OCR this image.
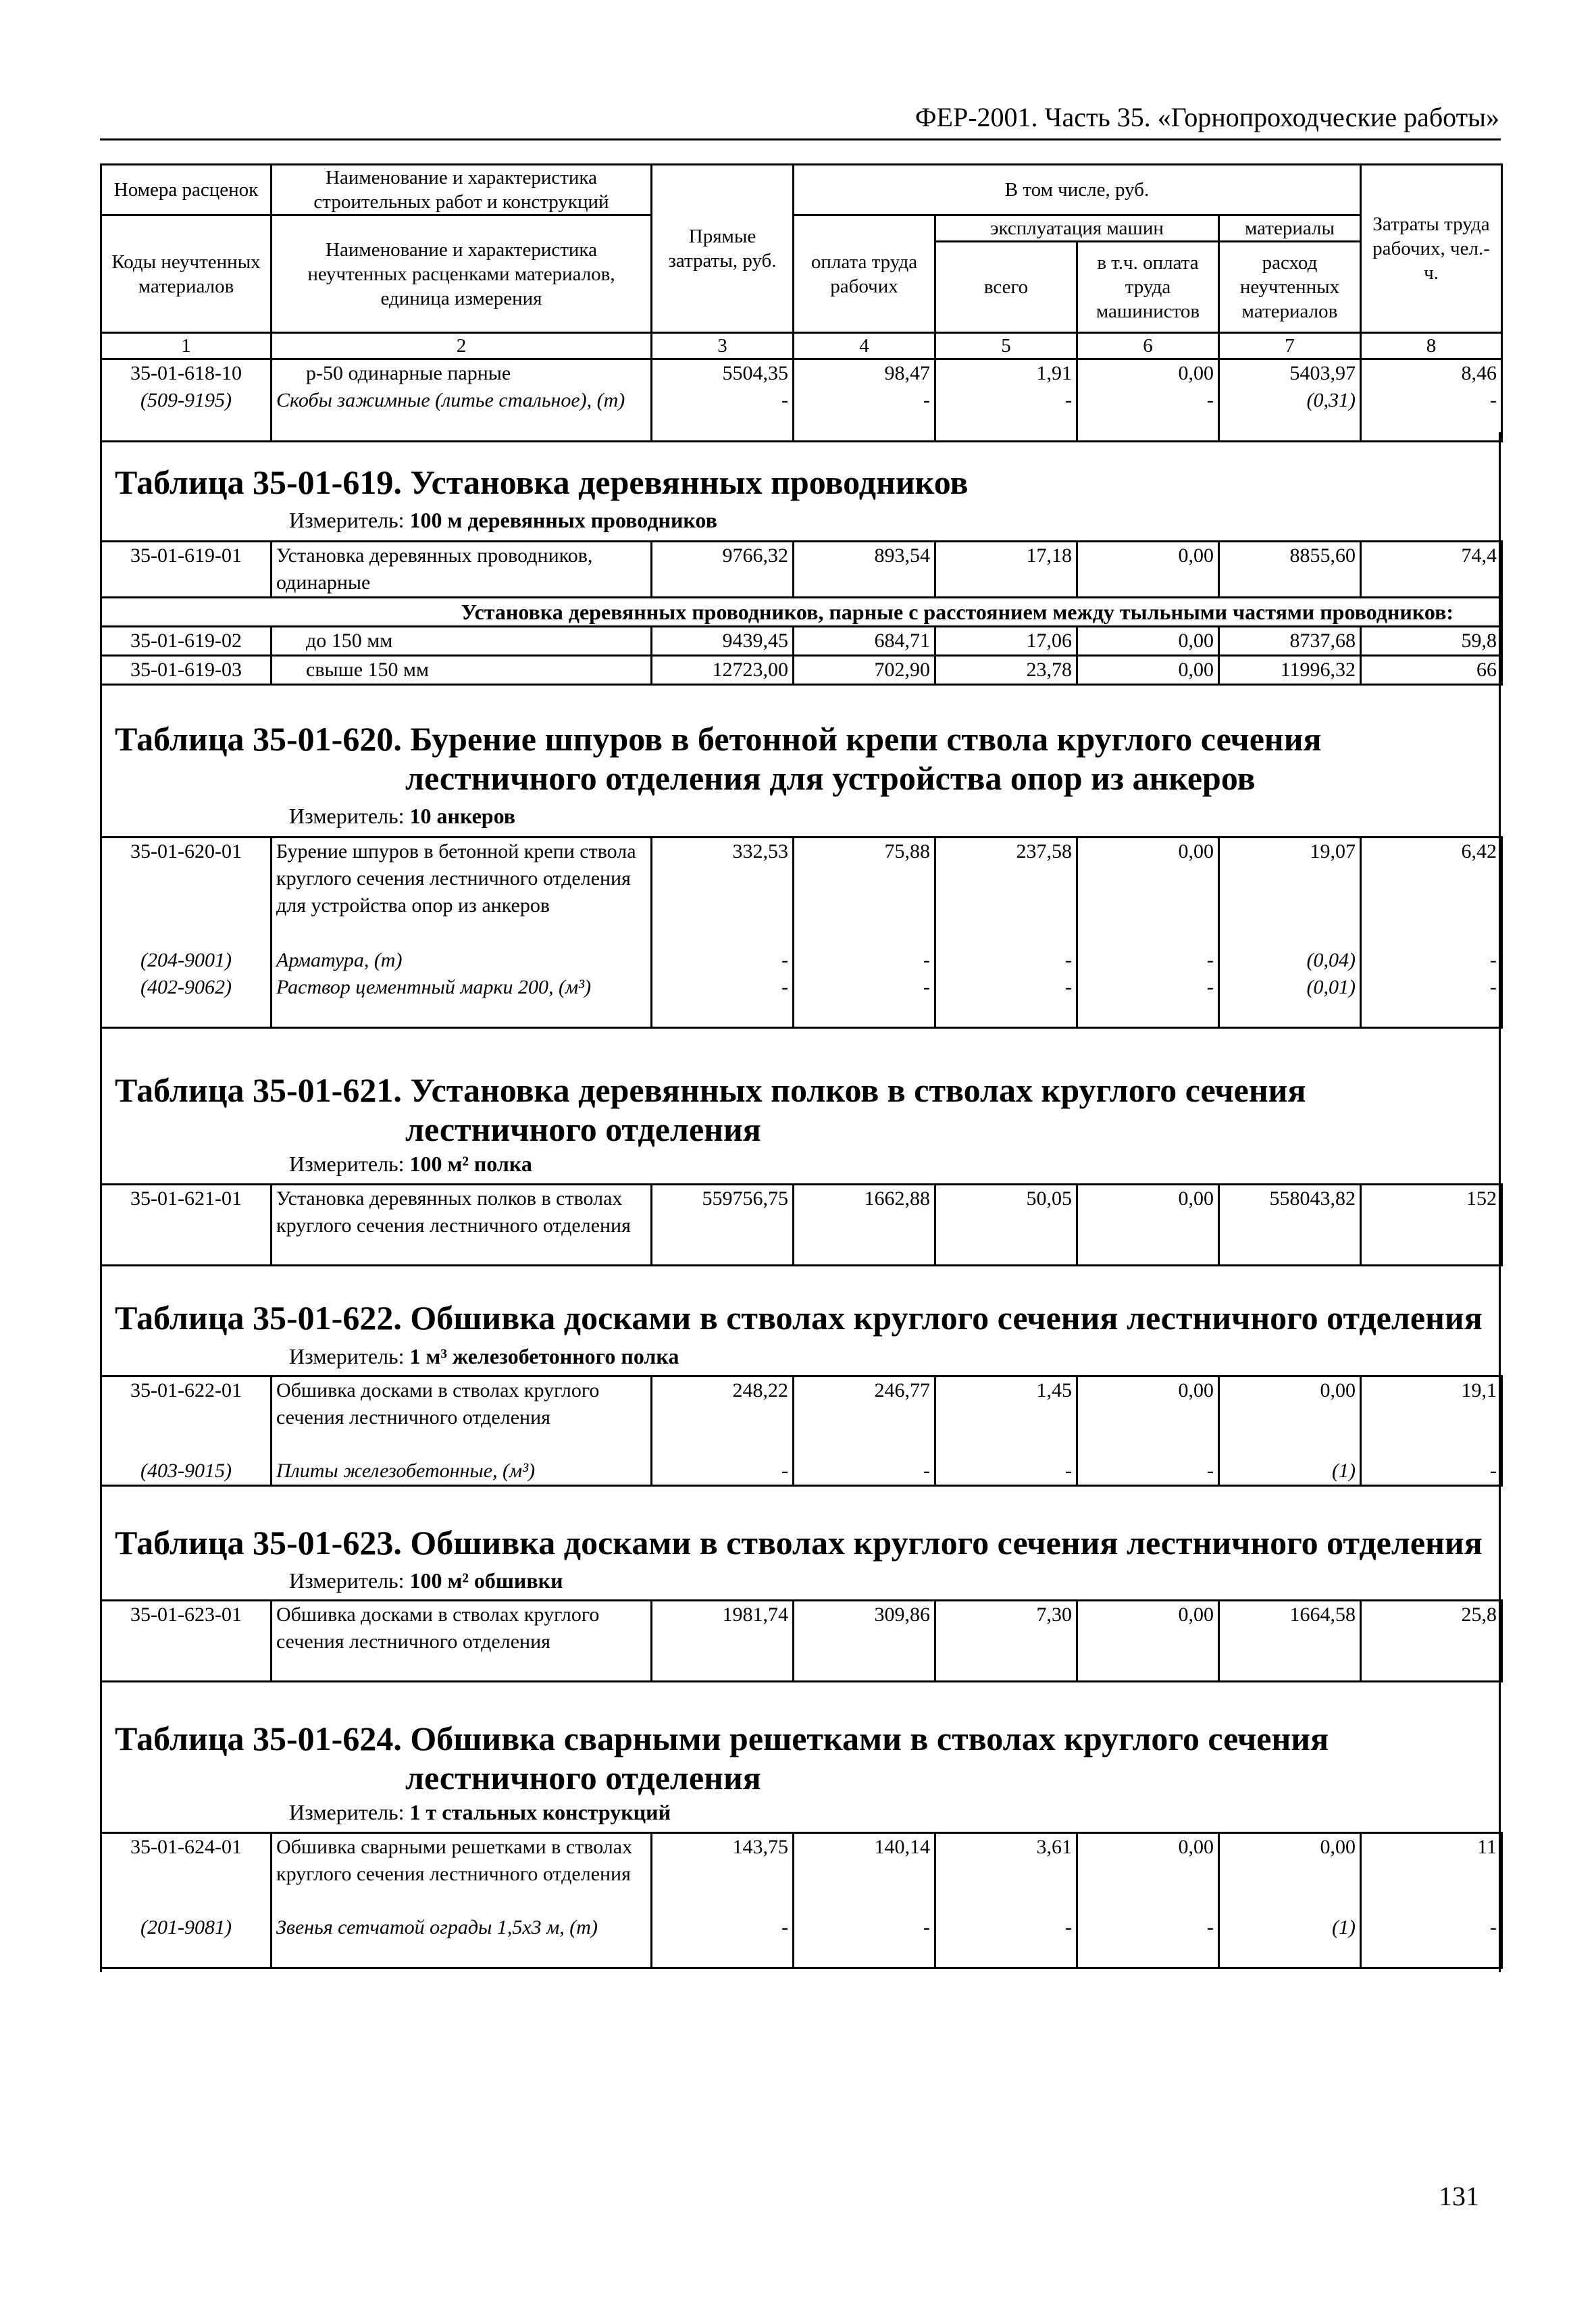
ФЕР-2001. Часть 35. «Горнопроходческие работы»
Номера расценок	Наименование и характеристика строительных работ и конструкций	Прямые затраты, руб.	В том числе, руб.				Затраты труда рабочих, чел.-ч.
Коды неучтенных материалов	Наименование и характеристика неучтенных расценками материалов, единица измерения		оплата труда рабочих	эксплуатация машин		материалы	
				всего	в т.ч. оплата труда машинистов	расход неучтенных материалов	
1	2	3	4	5	6	7	8
35-01-618-10	р-50 одинарные парные	5504,35	98,47	1,91	0,00	5403,97	8,46
(509-9195)	Скобы зажимные (литье стальное), (т)	-	-	-	-	(0,31)	-
Таблица 35-01-619. Установка деревянных проводников
Измеритель: 100 м деревянных проводников
35-01-619-01	Установка деревянных проводников, одинарные	9766,32	893,54	17,18	0,00	8855,60	74,4
Установка деревянных проводников, парные с расстоянием между тыльными частями проводников:							
35-01-619-02	до 150 мм	9439,45	684,71	17,06	0,00	8737,68	59,8
35-01-619-03	свыше 150 мм	12723,00	702,90	23,78	0,00	11996,32	66
Таблица 35-01-620. Бурение шпуров в бетонной крепи ствола круглого сечения
лестничного отделения для устройства опор из анкеров
Измеритель: 10 анкеров
35-01-620-01	Бурение шпуров в бетонной крепи ствола круглого сечения лестничного отделения для устройства опор из анкеров	332,53	75,88	237,58	0,00	19,07	6,42
(204-9001)	Арматура, (т)	-	-	-	-	(0,04)	-
(402-9062)	Раствор цементный марки 200, (м³)	-	-	-	-	(0,01)	-
Таблица 35-01-621. Установка деревянных полков в стволах круглого сечения
лестничного отделения
Измеритель: 100 м² полка
35-01-621-01	Установка деревянных полков в стволах круглого сечения лестничного отделения	559756,75	1662,88	50,05	0,00	558043,82	152
Таблица 35-01-622. Обшивка досками в стволах круглого сечения лестничного отделения
Измеритель: 1 м³ железобетонного полка
35-01-622-01	Обшивка досками в стволах круглого сечения лестничного отделения	248,22	246,77	1,45	0,00	0,00	19,1
(403-9015)	Плиты железобетонные, (м³)	-	-	-	-	(1)	-
Таблица 35-01-623. Обшивка досками в стволах круглого сечения лестничного отделения
Измеритель: 100 м² обшивки
35-01-623-01	Обшивка досками в стволах круглого сечения лестничного отделения	1981,74	309,86	7,30	0,00	1664,58	25,8
Таблица 35-01-624. Обшивка сварными решетками в стволах круглого сечения
лестничного отделения
Измеритель: 1 т стальных конструкций
35-01-624-01	Обшивка сварными решетками в стволах круглого сечения лестничного отделения	143,75	140,14	3,61	0,00	0,00	11
(201-9081)	Звенья сетчатой ограды 1,5х3 м, (т)	-	-	-	-	(1)	-
131
